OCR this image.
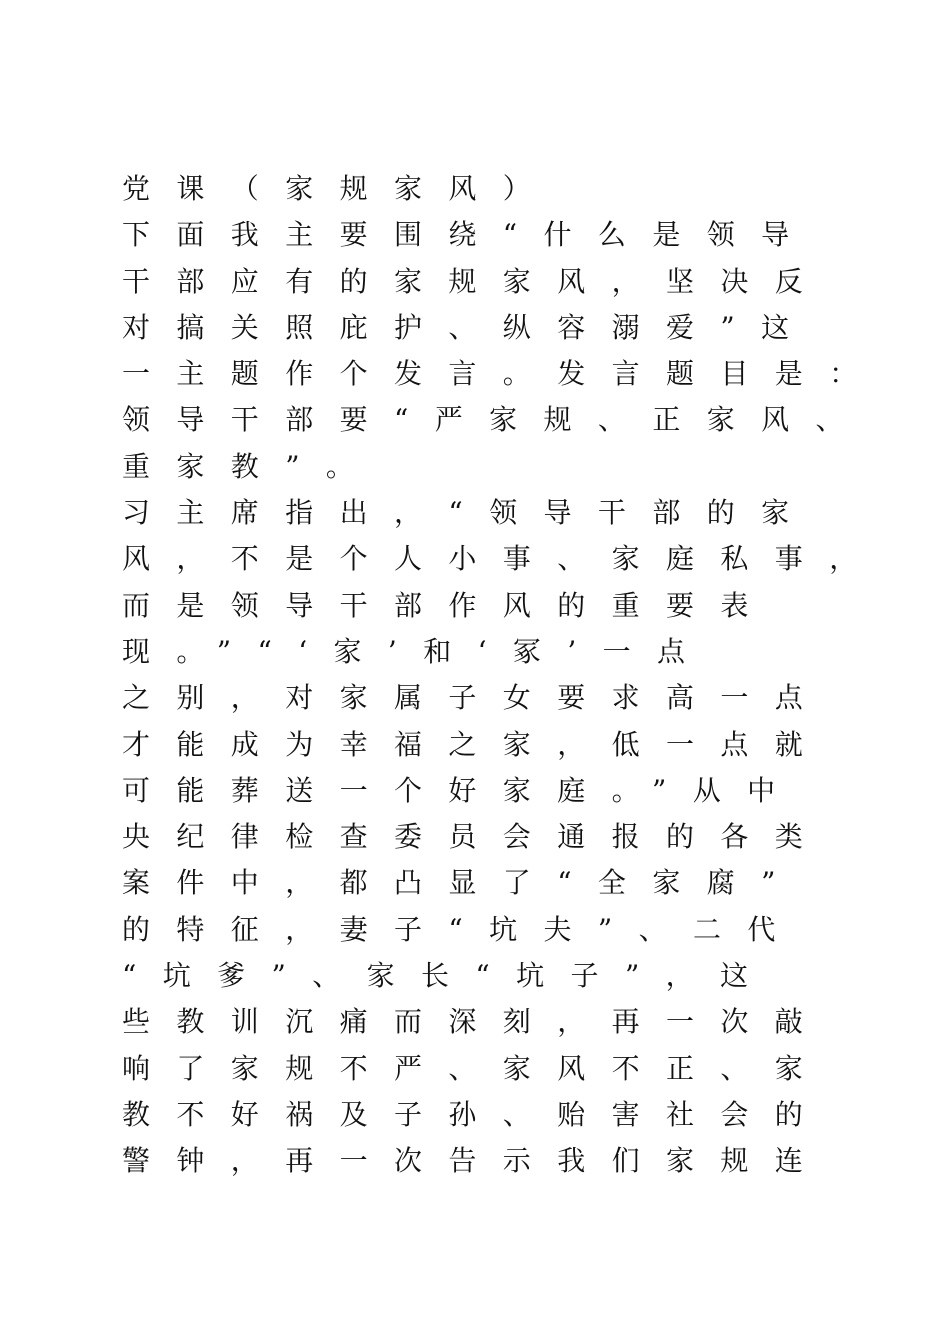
党课（家规家风）
下面我主要围绕“什么是领导
干部应有的家规家风，坚决反
对搞关照庇护、纵容溺爱”这
一主题作个发言。发言题目是：
领导干部要“严家规、正家风、
重家教”。
习主席指出，“领导干部的家
风，不是个人小事、家庭私事，
而是领导干部作风的重要表
现。”“‘家’和‘冢’一点
之别，对家属子女要求高一点
才能成为幸福之家，低一点就
可能葬送一个好家庭。”从中
央纪律检查委员会通报的各类
案件中，都凸显了“全家腐”
的特征，妻子“坑夫”、二代
“坑爹”、家长“坑子”，这
些教训沉痛而深刻，再一次敲
响了家规不严、家风不正、家
教不好祸及子孙、贻害社会的
警钟，再一次告示我们家规连
